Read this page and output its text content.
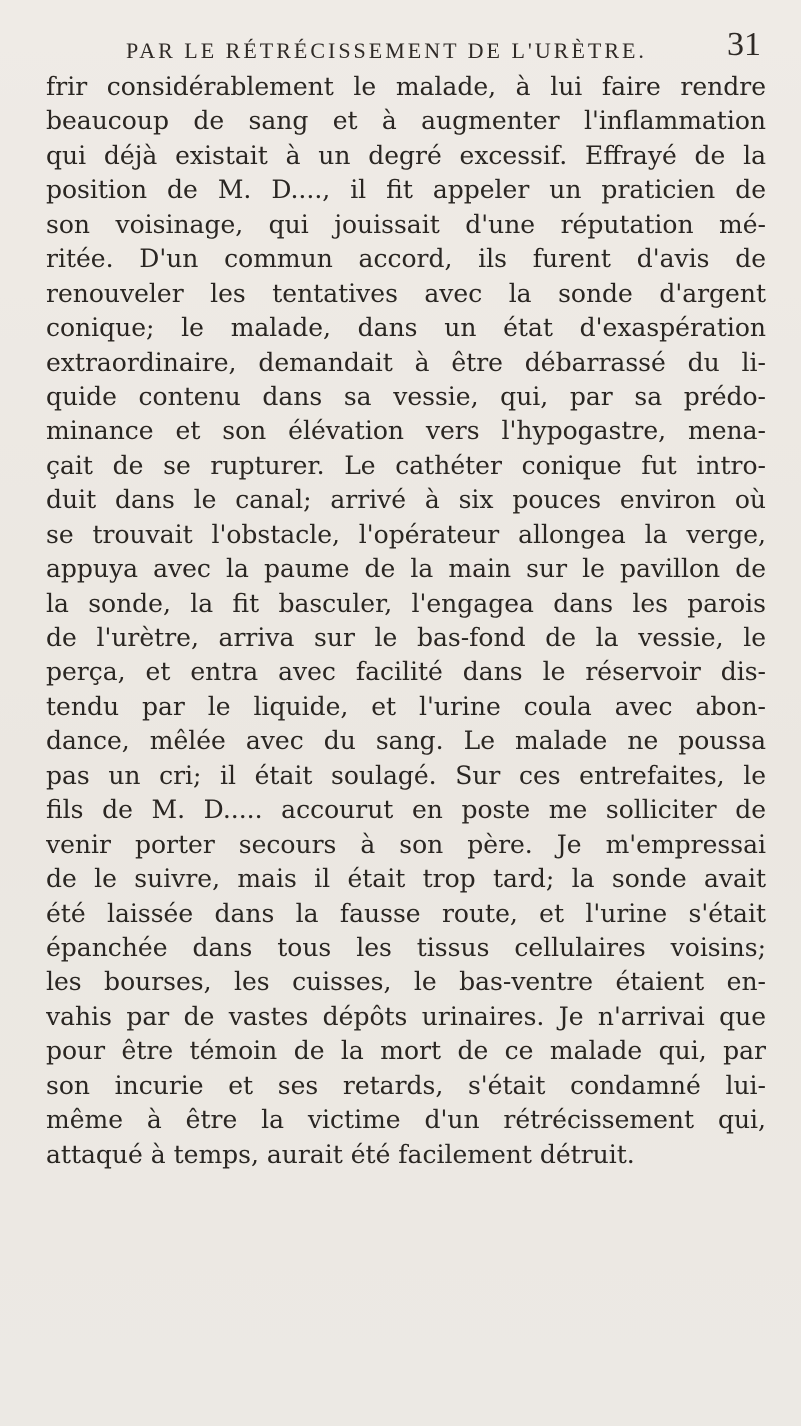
PAR LE RÉTRÉCISSEMENT DE L'URÈTRE. 31
frir considérablement le malade, à lui faire rendre
beaucoup de sang et à augmenter l'inflammation
qui déjà existait à un degré excessif. Effrayé de la
position de M. D...., il fit appeler un praticien de
son voisinage, qui jouissait d'une réputation mé-
ritée. D'un commun accord, ils furent d'avis de
renouveler les tentatives avec la sonde d'argent
conique; le malade, dans un état d'exaspération
extraordinaire, demandait à être débarrassé du li-
quide contenu dans sa vessie, qui, par sa prédo-
minance et son élévation vers l'hypogastre, mena-
çait de se rupturer. Le cathéter conique fut intro-
duit dans le canal; arrivé à six pouces environ où
se trouvait l'obstacle, l'opérateur allongea la verge,
appuya avec la paume de la main sur le pavillon de
la sonde, la fit basculer, l'engagea dans les parois
de l'urètre, arriva sur le bas-fond de la vessie, le
perça, et entra avec facilité dans le réservoir dis-
tendu par le liquide, et l'urine coula avec abon-
dance, mêlée avec du sang. Le malade ne poussa
pas un cri; il était soulagé. Sur ces entrefaites, le
fils de M. D..... accourut en poste me solliciter de
venir porter secours à son père. Je m'empressai
de le suivre, mais il était trop tard; la sonde avait
été laissée dans la fausse route, et l'urine s'était
épanchée dans tous les tissus cellulaires voisins;
les bourses, les cuisses, le bas-ventre étaient en-
vahis par de vastes dépôts urinaires. Je n'arrivai que
pour être témoin de la mort de ce malade qui, par
son incurie et ses retards, s'était condamné lui-
même à être la victime d'un rétrécissement qui,
attaqué à temps, aurait été facilement détruit.
